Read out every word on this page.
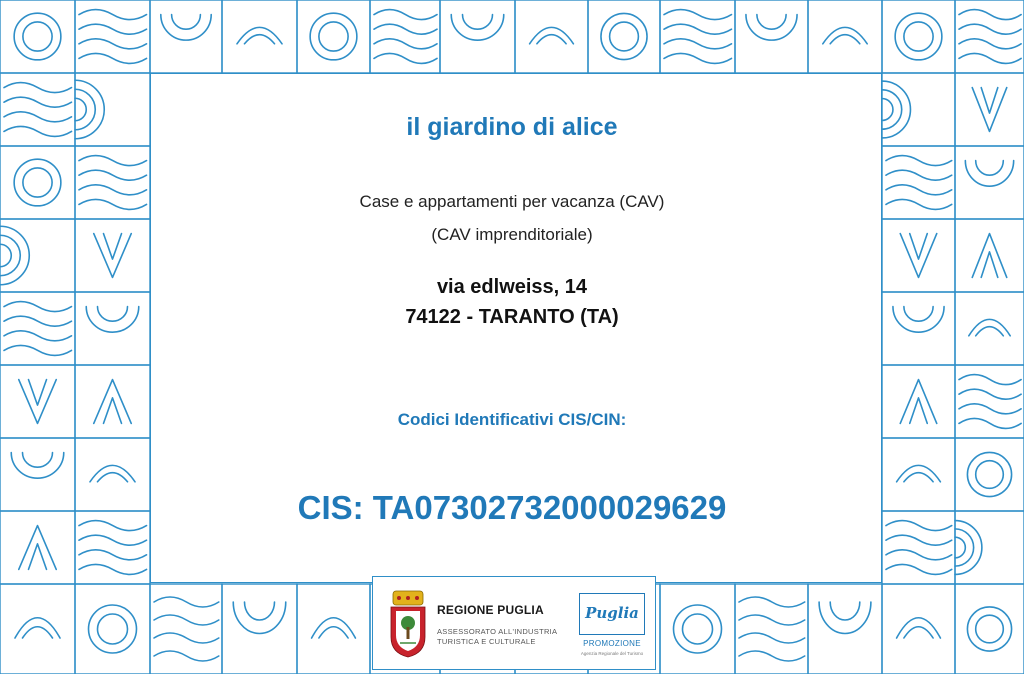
il giardino di alice
Case e appartamenti per vacanza (CAV)
(CAV imprenditoriale)
via edlweiss, 14
74122 - TARANTO (TA)
Codici Identificativi CIS/CIN:
CIS: TA07302732000029629
REGIONE PUGLIA
ASSESSORATO ALL'INDUSTRIA
TURISTICA E CULTURALE
Puglia
PROMOZIONE
Agenzia Regionale del Turismo
